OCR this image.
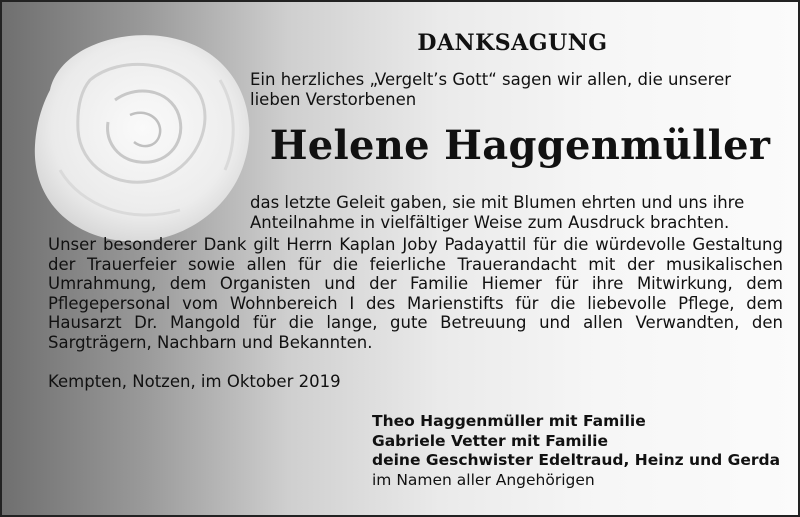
DANKSAGUNG
Ein herzliches „Vergelt’s Gott“ sagen wir allen, die unserer lieben Verstorbenen
Helene Haggenmüller
das letzte Geleit gaben, sie mit Blumen ehrten und uns ihre Anteilnahme in vielfältiger Weise zum Ausdruck brachten.
Unser besonderer Dank gilt Herrn Kaplan Joby Padayattil für die würdevolle Gestaltung der Trauerfeier sowie allen für die feierliche Trauerandacht mit der musikalischen Umrahmung, dem Organisten und der Familie Hiemer für ihre Mitwirkung, dem Pflegepersonal vom Wohnbereich I des Marienstifts für die liebevolle Pflege, dem Hausarzt Dr. Mangold für die lange, gute Betreuung und allen Verwandten, den Sargträgern, Nachbarn und Bekannten.
Kempten, Notzen, im Oktober 2019
Theo Haggenmüller mit Familie
Gabriele Vetter mit Familie
deine Geschwister Edeltraud, Heinz und Gerda
im Namen aller Angehörigen
